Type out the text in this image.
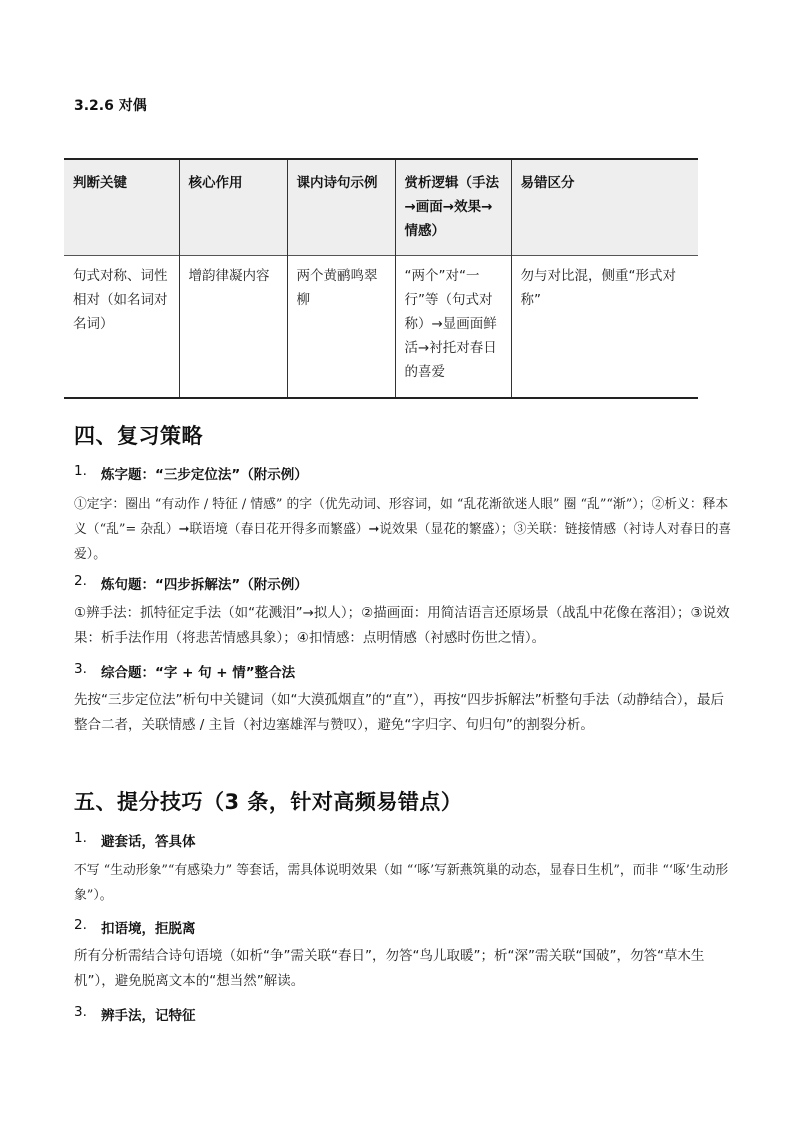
3.2.6 对偶
判断关键	核心作用	课内诗句示例	赏析逻辑（手法→画面→效果→情感）	易错区分
句式对称、词性相对（如名词对名词）	增韵律凝内容	两个黄鹂鸣翠柳	“两个”对“一行”等（句式对称）→显画面鲜活→衬托对春日的喜爱	勿与对比混，侧重“形式对称”
四、复习策略
1.	炼字题：“三步定位法”（附示例）
①定字：圈出 “有动作 / 特征 / 情感” 的字（优先动词、形容词，如 “乱花渐欲迷人眼” 圈 “乱”“渐”）；②析义：释本义（“乱”= 杂乱）➞联语境（春日花开得多而繁盛）➞说效果（显花的繁盛）；③关联：链接情感（衬诗人对春日的喜爱）。
2.	炼句题：“四步拆解法”（附示例）
①辨手法：抓特征定手法（如“花溅泪”→拟人）；②描画面：用简洁语言还原场景（战乱中花像在落泪）；③说效果：析手法作用（将悲苦情感具象）；④扣情感：点明情感（衬感时伤世之情）。
3.	综合题：“字 + 句 + 情”整合法
先按“三步定位法”析句中关键词（如“大漠孤烟直”的“直”），再按“四步拆解法”析整句手法（动静结合），最后整合二者，关联情感 / 主旨（衬边塞雄浑与赞叹），避免“字归字、句归句”的割裂分析。
五、提分技巧（3 条，针对高频易错点）
1.	避套话，答具体
不写 “生动形象”“有感染力” 等套话，需具体说明效果（如 “‘啄’写新燕筑巢的动态，显春日生机”，而非 “‘啄’生动形象”）。
2.	扣语境，拒脱离
所有分析需结合诗句语境（如析“争”需关联“春日”，勿答“鸟儿取暖”；析“深”需关联“国破”，勿答“草木生机”），避免脱离文本的“想当然”解读。
3.	辨手法，记特征
